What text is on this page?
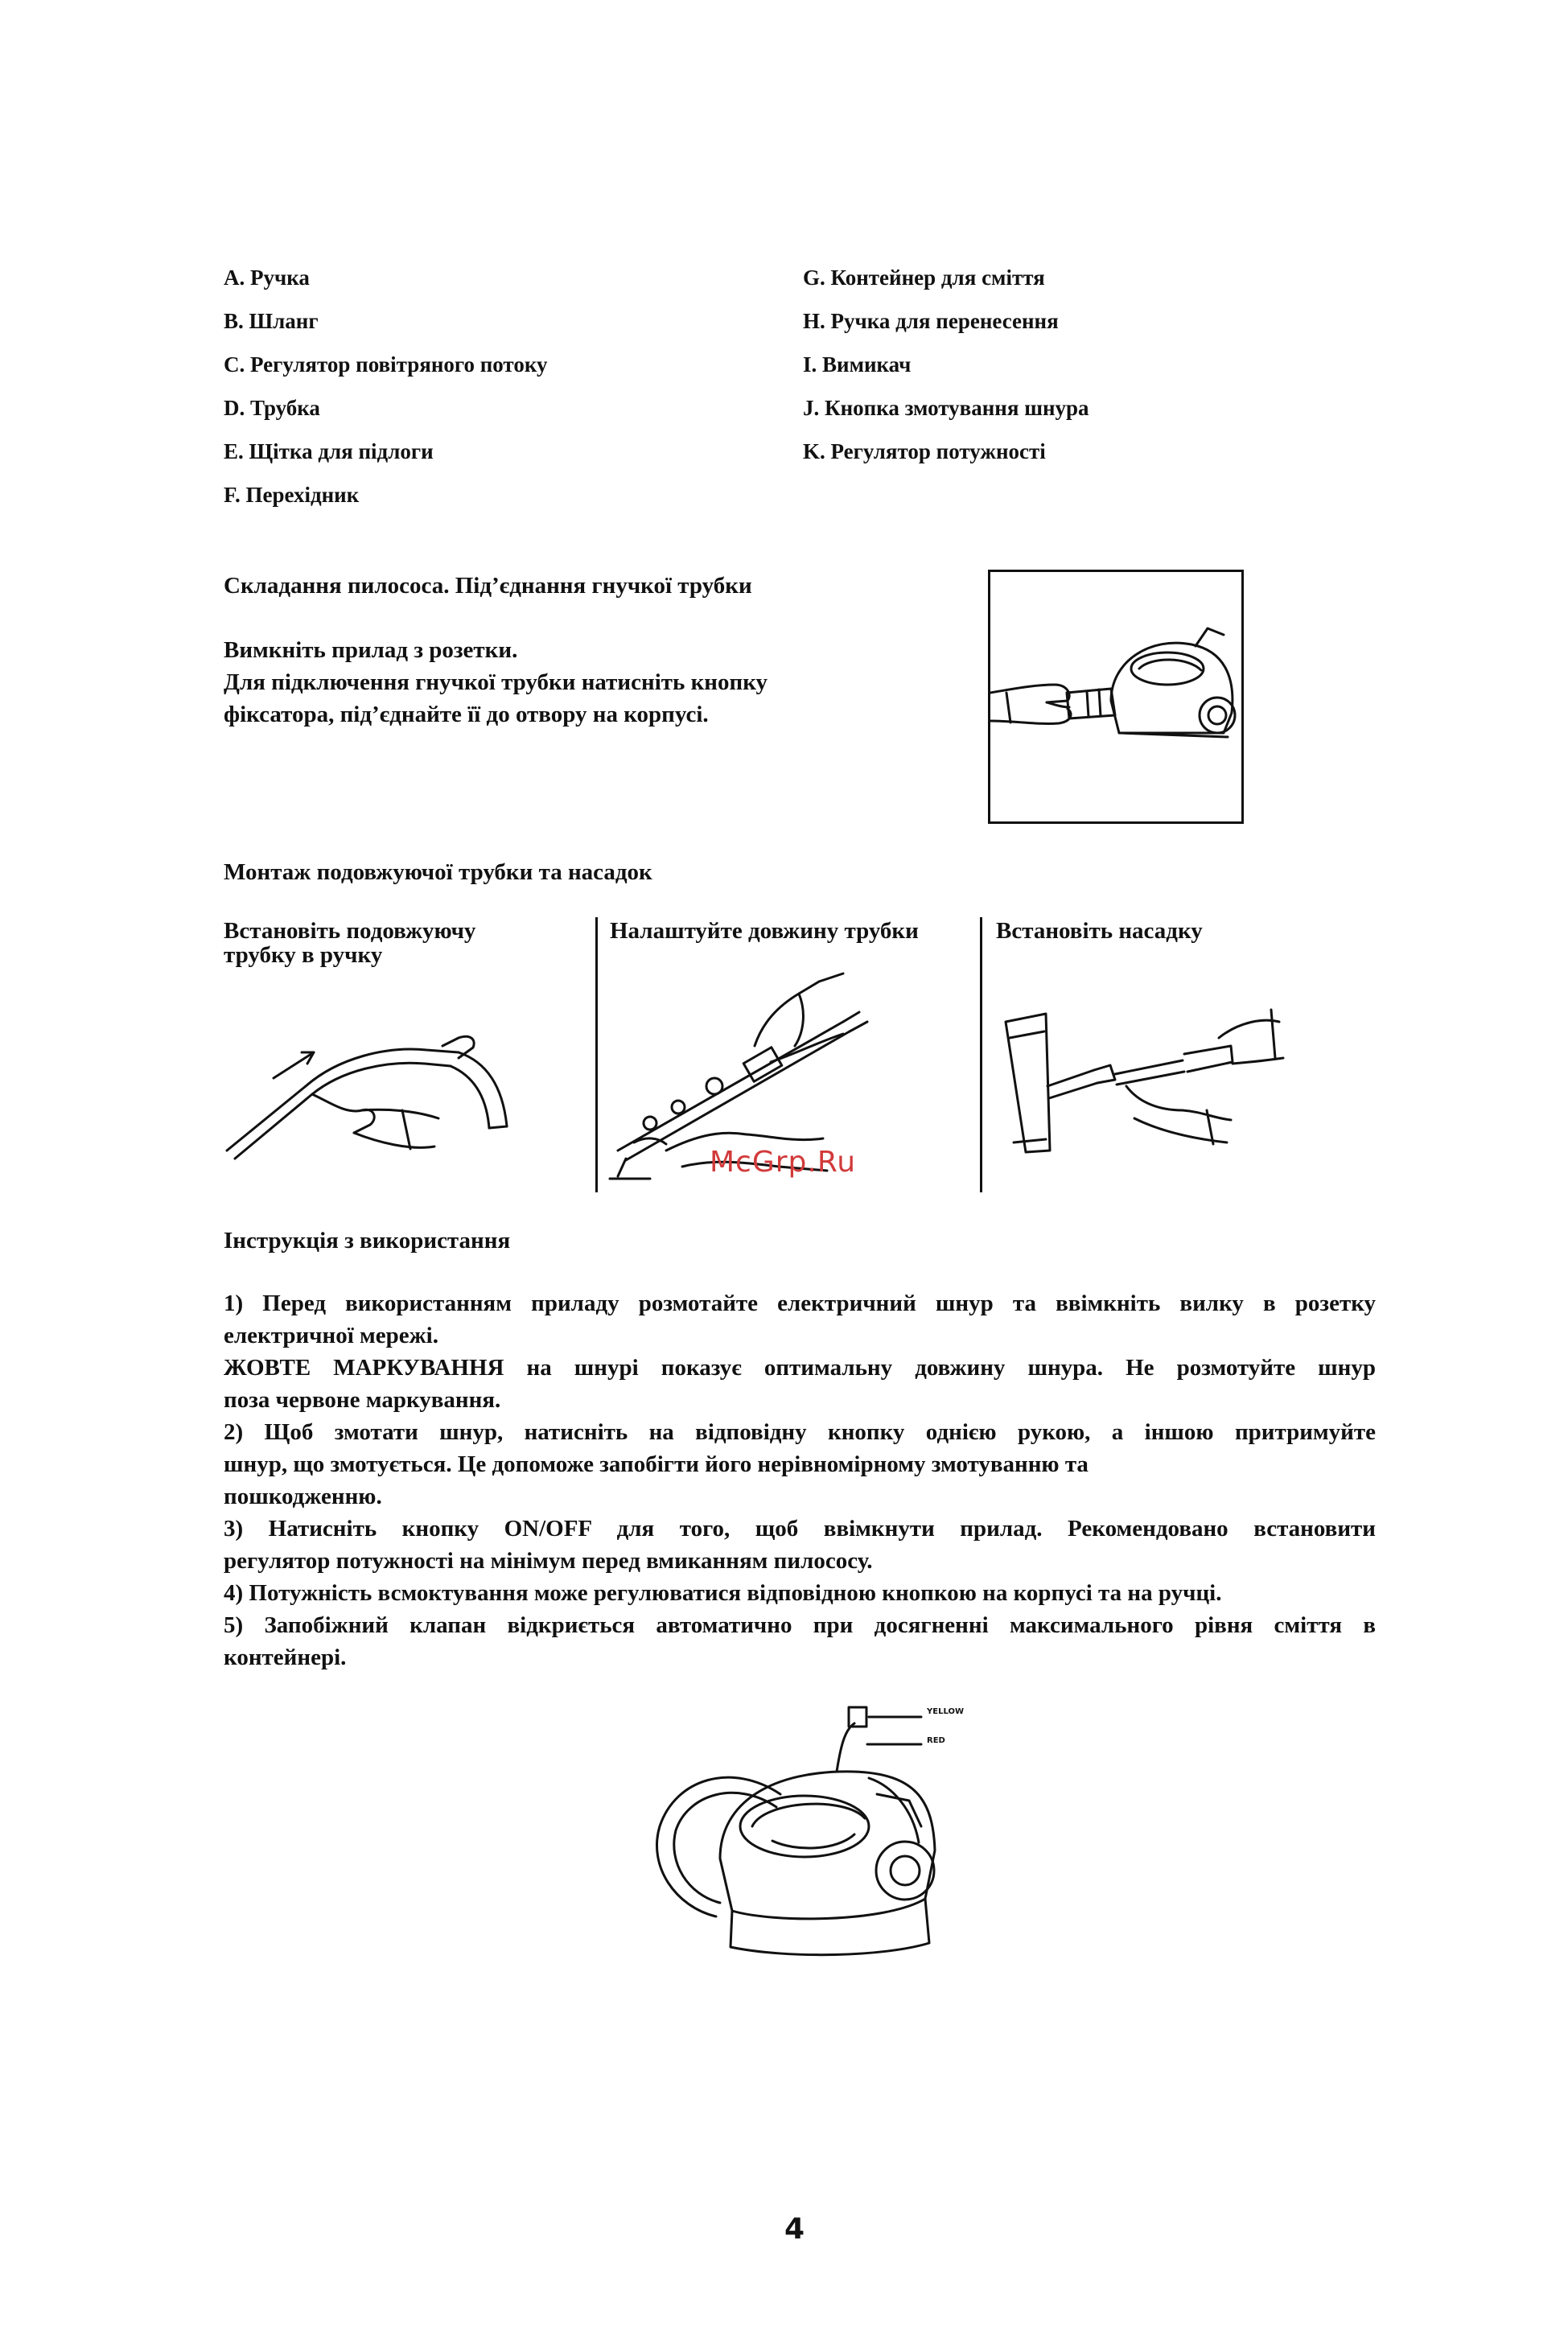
A. Ручка
B. Шланг
C. Регулятор повітряного потоку
D. Трубка
E. Щітка для підлоги
F. Перехідник
G. Контейнер для сміття
H. Ручка для перенесення
I. Вимикач
J. Кнопка змотування шнура
K. Регулятор потужності
Складання пилососа. Під’єднання гнучкої трубки
Вимкніть прилад з розетки.
Для підключення гнучкої трубки натисніть кнопку
фіксатора, під’єднайте її до отвору на корпусі.
Монтаж подовжуючої трубки та насадок
Встановіть подовжуючу
трубку в ручку
Налаштуйте довжину трубки	Встановіть насадку
McGrp.Ru
Інструкція з використання
1) Перед використанням приладу розмотайте електричний шнур та ввімкніть вилку в розетку
електричної мережі.
ЖОВТЕ МАРКУВАННЯ на шнурі показує оптимальну довжину шнура. Не розмотуйте шнур
поза червоне маркування.
2) Щоб змотати шнур, натисніть на відповідну кнопку однією рукою, а іншою притримуйте
шнур, що змотується. Це допоможе запобігти його нерівномірному змотуванню та
пошкодженню.
3) Натисніть кнопку ON/OFF для того, щоб ввімкнути прилад. Рекомендовано встановити
регулятор потужності на мінімум перед вмиканням пилососу.
4) Потужність всмоктування може регулюватися відповідною кнопкою на корпусі та на ручці.
5) Запобіжний клапан відкриється автоматично при досягненні максимального рівня сміття в
контейнері.
YELLOW
RED
4
